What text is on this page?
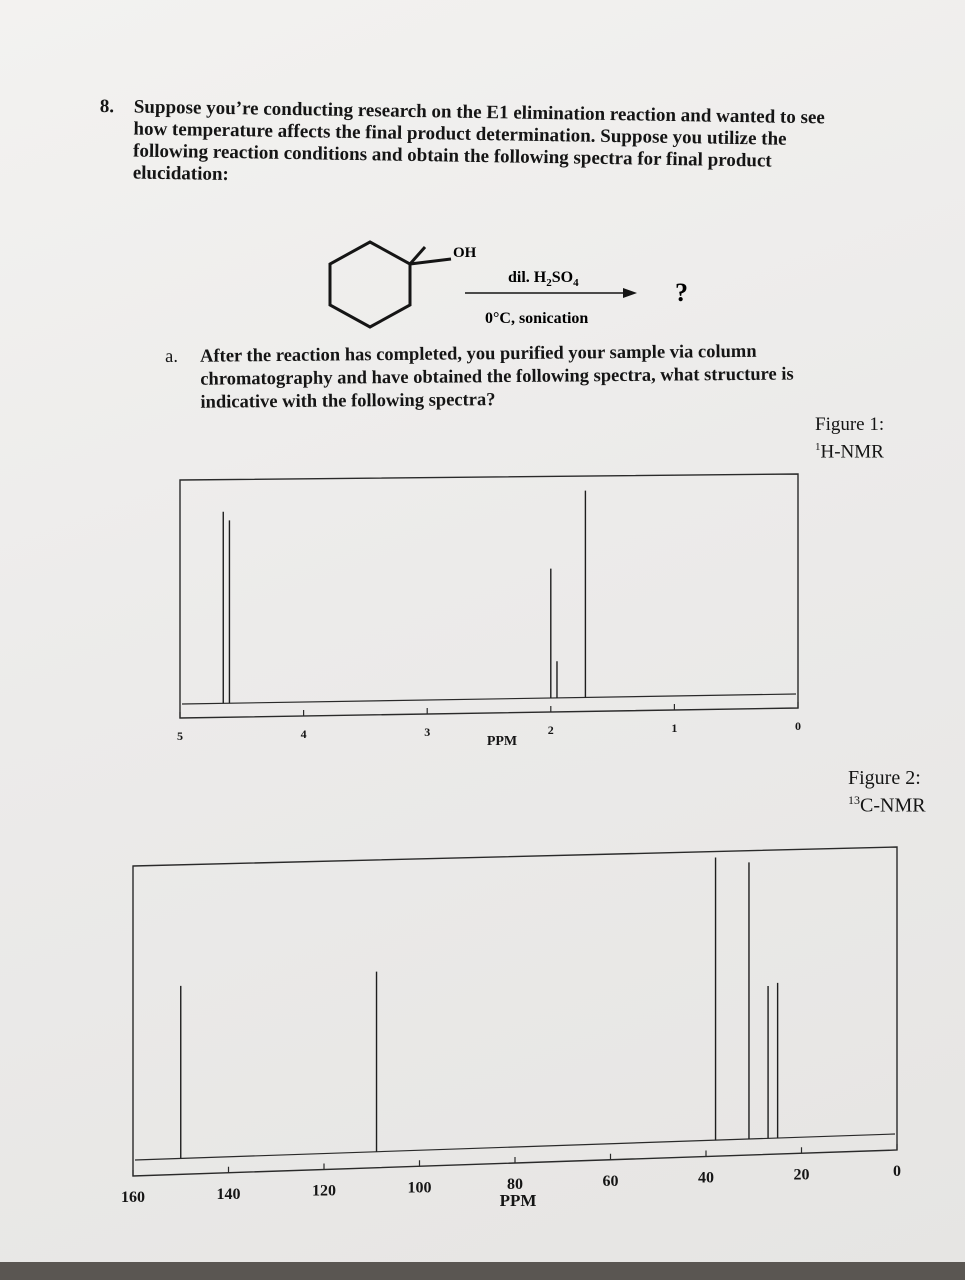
8. Suppose you’re conducting research on the E1 elimination reaction and wanted to see how temperature affects the final product determination. Suppose you utilize the following reaction conditions and obtain the following spectra for final product elucidation:
OH
dil. $H_2SO_4$
0°C, sonication
?
a. After the reaction has completed, you purified your sample via column chromatography and have obtained the following spectra, what structure is indicative with the following spectra?
Figure 1:
$^1$H-NMR
Figure 2:
$^{13}$C-NMR
5	4	3	2	1	0
PPM
160	140	120	100	80	60	40	20	0
PPM
